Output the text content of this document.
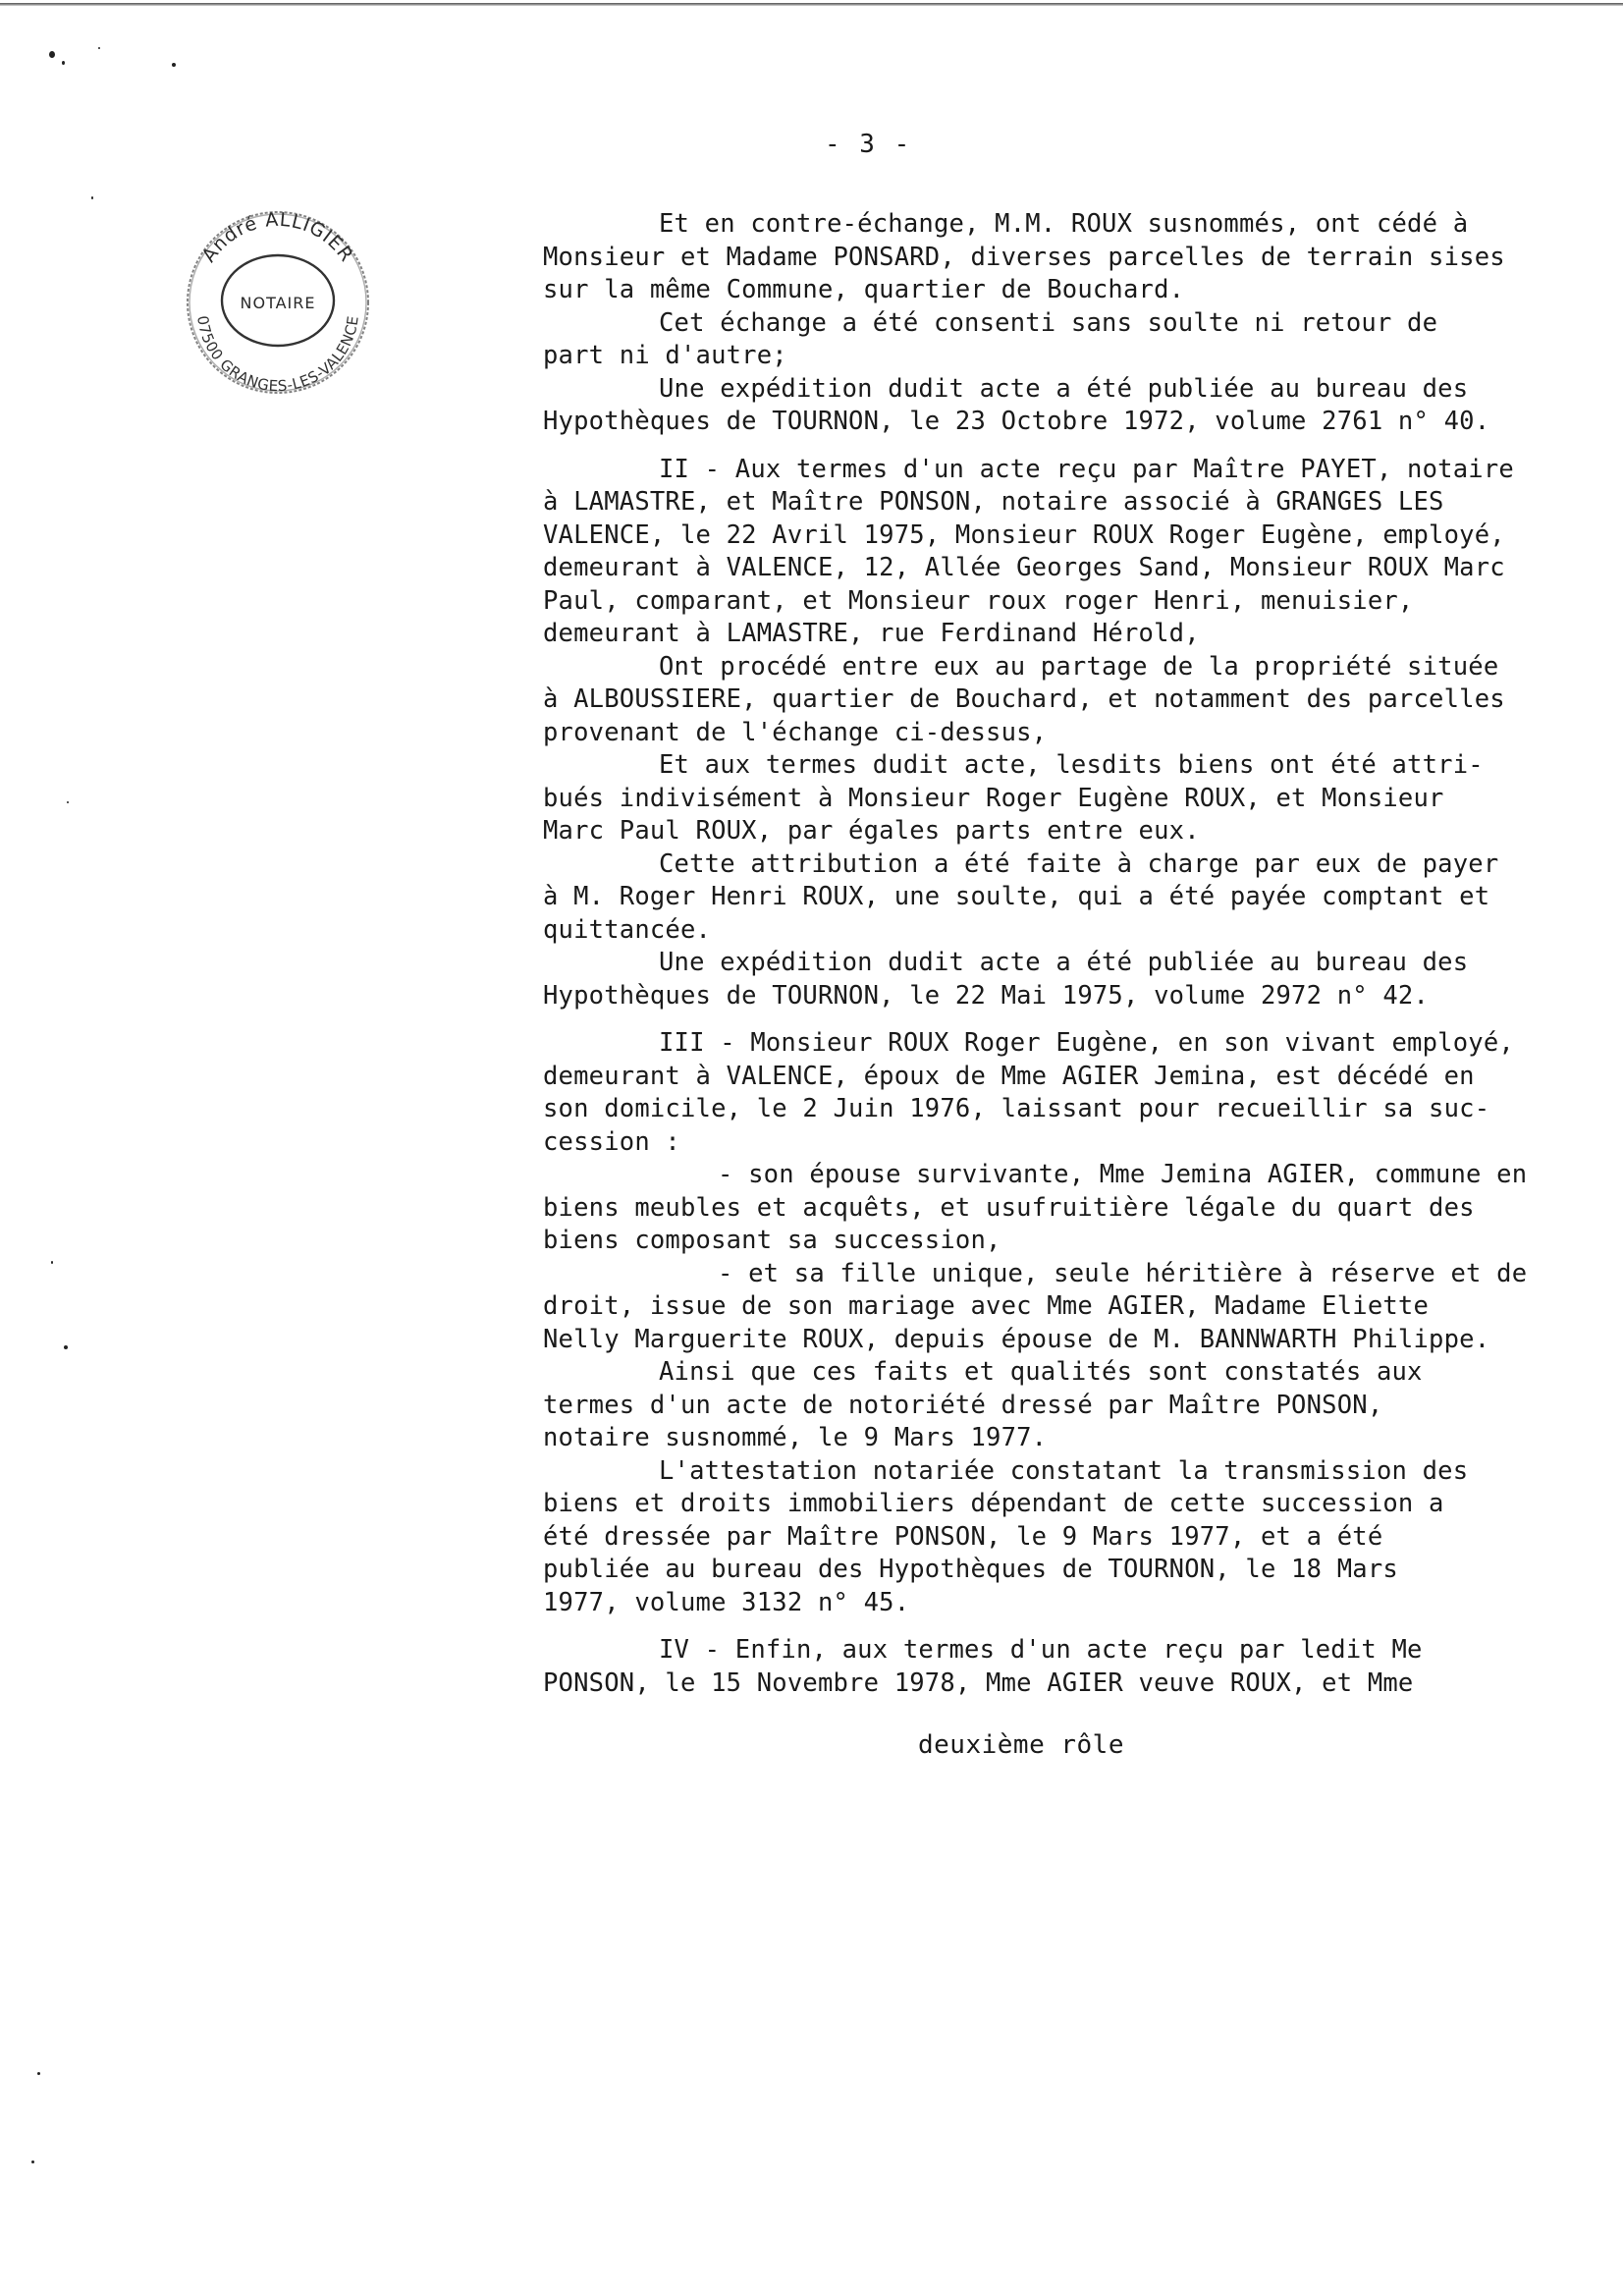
- 3 -
André ALLIGIER
NOTAIRE
07500 GRANGES-LES-VALENCE

Et en contre-échange, M.M. ROUX susnommés, ont cédé à
Monsieur et Madame PONSARD, diverses parcelles de terrain sises
sur la même Commune, quartier de Bouchard.

Cet échange a été consenti sans soulte ni retour de
part ni d'autre;

Une expédition dudit acte a été publiée au bureau des
Hypothèques de TOURNON, le 23 Octobre 1972, volume 2761 n° 40.

II - Aux termes d'un acte reçu par Maître PAYET, notaire
à LAMASTRE, et Maître PONSON, notaire associé à GRANGES LES
VALENCE, le 22 Avril 1975, Monsieur ROUX Roger Eugène, employé,
demeurant à VALENCE, 12, Allée Georges Sand, Monsieur ROUX Marc
Paul, comparant, et Monsieur roux roger Henri, menuisier,
demeurant à LAMASTRE, rue Ferdinand Hérold,

Ont procédé entre eux au partage de la propriété située
à ALBOUSSIERE, quartier de Bouchard, et notamment des parcelles
provenant de l'échange ci-dessus,

Et aux termes dudit acte, lesdits biens ont été attri-
bués indivisément à Monsieur Roger Eugène ROUX, et Monsieur
Marc Paul ROUX, par égales parts entre eux.

Cette attribution a été faite à charge par eux de payer
à M. Roger Henri ROUX, une soulte, qui a été payée comptant et
quittancée.

Une expédition dudit acte a été publiée au bureau des
Hypothèques de TOURNON, le 22 Mai 1975, volume 2972 n° 42.

III - Monsieur ROUX Roger Eugène, en son vivant employé,
demeurant à VALENCE, époux de Mme AGIER Jemina, est décédé en
son domicile, le 2 Juin 1976, laissant pour recueillir sa suc-
cession :

- son épouse survivante, Mme Jemina AGIER, commune en
biens meubles et acquêts, et usufruitière légale du quart des
biens composant sa succession,

- et sa fille unique, seule héritière à réserve et de
droit, issue de son mariage avec Mme AGIER, Madame Eliette
Nelly Marguerite ROUX, depuis épouse de M. BANNWARTH Philippe.

Ainsi que ces faits et qualités sont constatés aux
termes d'un acte de notoriété dressé par Maître PONSON,
notaire susnommé, le 9 Mars 1977.

L'attestation notariée constatant la transmission des
biens et droits immobiliers dépendant de cette succession a
été dressée par Maître PONSON, le 9 Mars 1977, et a été
publiée au bureau des Hypothèques de TOURNON, le 18 Mars
1977, volume 3132 n° 45.

IV - Enfin, aux termes d'un acte reçu par ledit Me
PONSON, le 15 Novembre 1978, Mme AGIER veuve ROUX, et Mme

deuxième rôle
